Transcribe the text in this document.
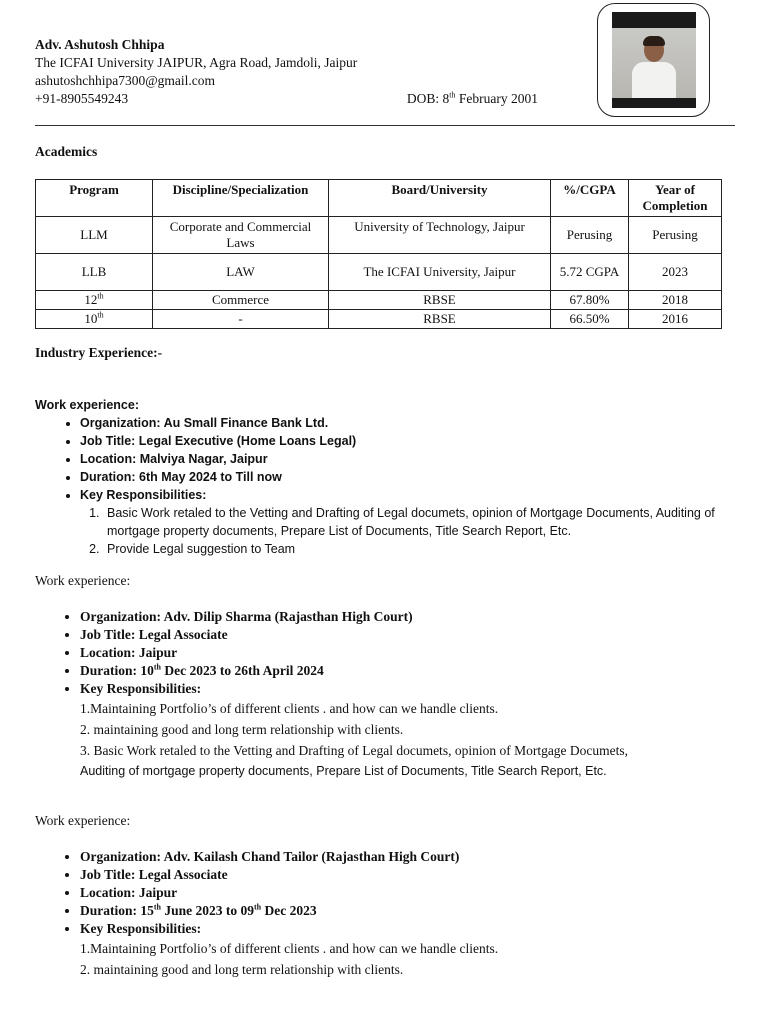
Adv. Ashutosh Chhipa
The ICFAI University JAIPUR, Agra Road, Jamdoli, Jaipur
ashutoshchhipa7300@gmail.com
+91-8905549243	DOB: 8th February 2001
Academics
Program	Discipline/Specialization	Board/University	%/CGPA	Year of Completion
LLM	Corporate and Commercial Laws	University of Technology, Jaipur	Perusing	Perusing
LLB	LAW	The ICFAI University, Jaipur	5.72 CGPA	2023
12th	Commerce	RBSE	67.80%	2018
10th	-	RBSE	66.50%	2016
Industry Experience:-
Work experience:
• Organization: Au Small Finance Bank Ltd.
• Job Title: Legal Executive (Home Loans Legal)
• Location: Malviya Nagar, Jaipur
• Duration: 6th May 2024 to Till now
• Key Responsibilities:
1. Basic Work retaled to the Vetting and Drafting of Legal documets, opinion of Mortgage Documents, Auditing of mortgage property documents, Prepare List of Documents, Title Search Report, Etc.
2. Provide Legal suggestion to Team
Work experience:
• Organization: Adv. Dilip Sharma (Rajasthan High Court)
• Job Title: Legal Associate
• Location: Jaipur
• Duration: 10th Dec 2023 to 26th April 2024
• Key Responsibilities:
1.Maintaining Portfolio’s of different clients . and how can we handle clients.
2. maintaining good and long term relationship with clients.
3. Basic Work retaled to the Vetting and Drafting of Legal documets, opinion of Mortgage Documets,
Auditing of mortgage property documents, Prepare List of Documents, Title Search Report, Etc.
Work experience:
• Organization: Adv. Kailash Chand Tailor (Rajasthan High Court)
• Job Title: Legal Associate
• Location: Jaipur
• Duration: 15th June 2023 to 09th Dec 2023
• Key Responsibilities:
1.Maintaining Portfolio’s of different clients . and how can we handle clients.
2. maintaining good and long term relationship with clients.
